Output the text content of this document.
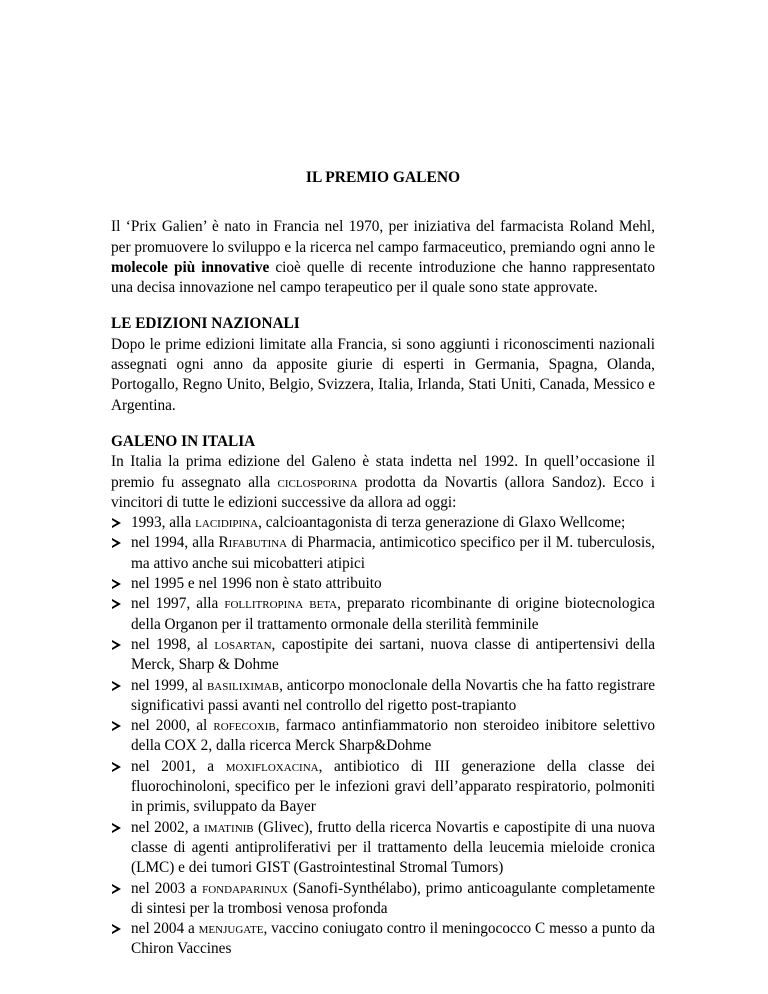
IL PREMIO GALENO

Il ‘Prix Galien’ è nato in Francia nel 1970, per iniziativa del farmacista Roland Mehl, per promuovere lo sviluppo e la ricerca nel campo farmaceutico, premiando ogni anno le molecole più innovative cioè quelle di recente introduzione che hanno rappresentato una decisa innovazione nel campo terapeutico per il quale sono state approvate.

LE EDIZIONI NAZIONALI

Dopo le prime edizioni limitate alla Francia, si sono aggiunti i riconoscimenti nazionali assegnati ogni anno da apposite giurie di esperti in Germania, Spagna, Olanda, Portogallo, Regno Unito, Belgio, Svizzera, Italia, Irlanda, Stati Uniti, Canada, Messico e Argentina.

GALENO IN ITALIA

In Italia la prima edizione del Galeno è stata indetta nel 1992. In quell’occasione il premio fu assegnato alla ciclosporina prodotta da Novartis (allora Sandoz). Ecco i vincitori di tutte le edizioni successive da allora ad oggi:

1993, alla lacidipina, calcioantagonista di terza generazione di Glaxo Wellcome;
nel 1994, alla Rifabutina di Pharmacia, antimicotico specifico per il M. tuberculosis, ma attivo anche sui micobatteri atipici
nel 1995 e nel 1996 non è stato attribuito
nel 1997, alla follitropina beta, preparato ricombinante di origine biotecnologica della Organon per il trattamento ormonale della sterilità femminile
nel 1998, al losartan, capostipite dei sartani, nuova classe di antipertensivi della Merck, Sharp & Dohme
nel 1999, al basiliximab, anticorpo monoclonale della Novartis che ha fatto registrare significativi passi avanti nel controllo del rigetto post-trapianto
nel 2000, al rofecoxib, farmaco antinfiammatorio non steroideo inibitore selettivo della COX 2, dalla ricerca Merck Sharp&Dohme
nel 2001, a moxifloxacina, antibiotico di III generazione della classe dei fluorochinoloni, specifico per le infezioni gravi dell’apparato respiratorio, polmoniti in primis, sviluppato da Bayer
nel 2002, a imatinib (Glivec), frutto della ricerca Novartis e capostipite di una nuova classe di agenti antiproliferativi per il trattamento della leucemia mieloide cronica (LMC) e dei tumori GIST (Gastrointestinal Stromal Tumors)
nel 2003 a fondaparinux (Sanofi-Synthélabo), primo anticoagulante completamente di sintesi per la trombosi venosa profonda
nel 2004 a menjugate, vaccino coniugato contro il meningococco C messo a punto da Chiron Vaccines
